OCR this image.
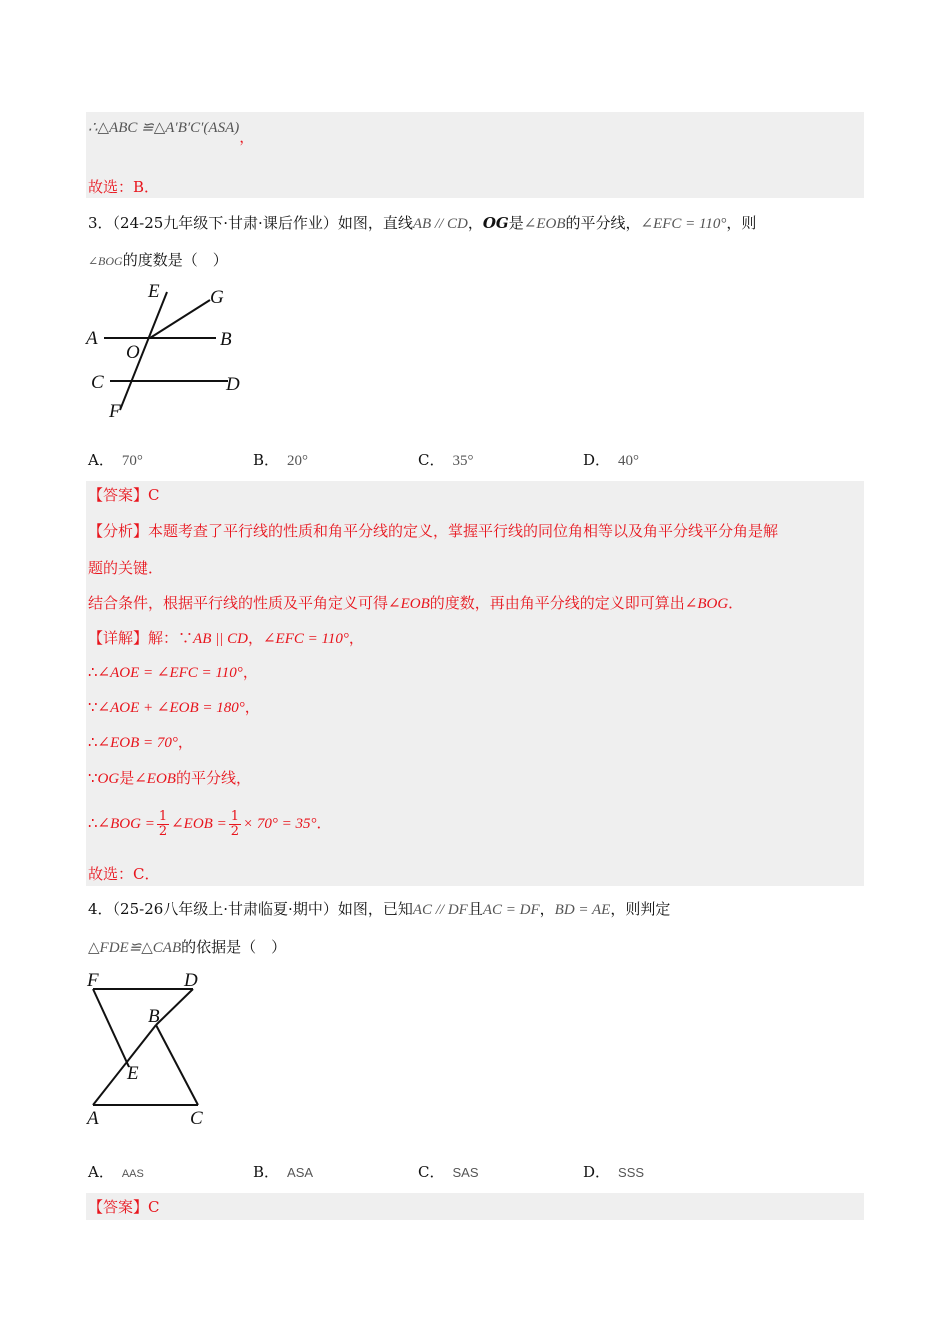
∴△ABC ≌△A′B′C′(ASA)，
故选：B．
3．（24-25九年级下·甘肃·课后作业）如图，直线AB // CD，OG是∠EOB的平分线，∠EFC = 110°，则
∠BOG的度数是（　）
E	G
A	B
O
C	D
F
A． 70°	B． 20°	C． 35°	D． 40°
【答案】C
【分析】本题考查了平行线的性质和角平分线的定义，掌握平行线的同位角相等以及角平分线平分角是解
题的关键．
结合条件，根据平行线的性质及平角定义可得∠EOB的度数，再由角平分线的定义即可算出∠BOG．
【详解】解：∵AB || CD，∠EFC = 110°，
∴∠AOE = ∠EFC = 110°，
∵∠AOE + ∠EOB = 180°，
∴∠EOB = 70°，
∵OG是∠EOB的平分线，
∴∠BOG = $\frac{1}{2}$ ∠EOB = $\frac{1}{2} \times 70^\circ = 35^\circ$．
故选：C．
4．（25-26八年级上·甘肃临夏·期中）如图，已知AC // DF且AC = DF，BD = AE，则判定
△FDE≌△CAB的依据是（　）
F	D
B
E
A	C
A． AAS	B． ASA	C． SAS	D． SSS
【答案】C
